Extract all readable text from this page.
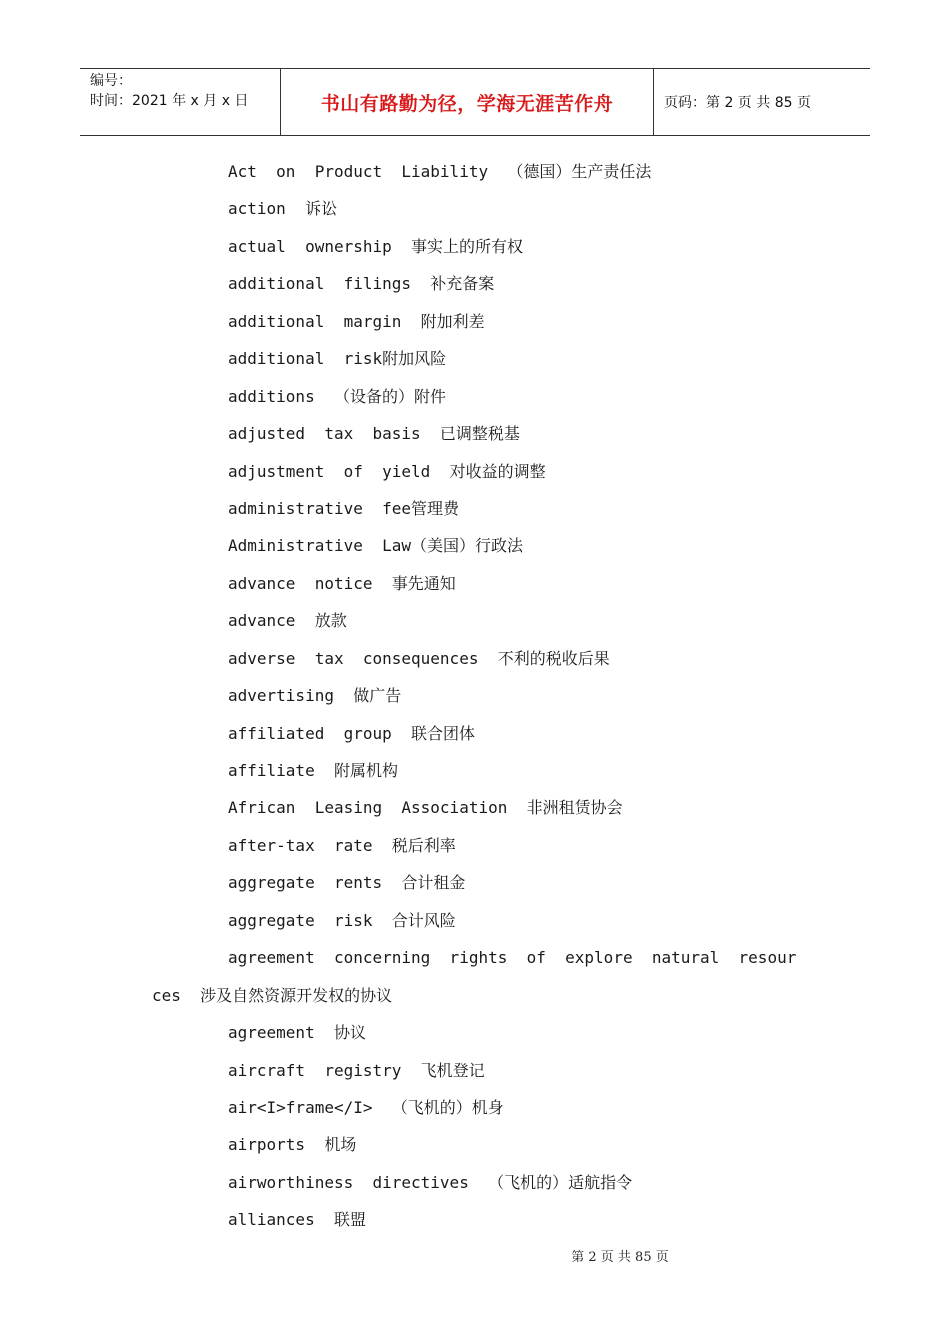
编号：
时间：2021 年 x 月 x 日	书山有路勤为径，学海无涯苦作舟	页码：第 2 页 共 85 页
Act  on  Product  Liability  （德国）生产责任法
action  诉讼
actual  ownership  事实上的所有权
additional  filings  补充备案
additional  margin  附加利差
additional  risk附加风险
additions  （设备的）附件
adjusted  tax  basis  已调整税基
adjustment  of  yield  对收益的调整
administrative  fee管理费
Administrative  Law（美国）行政法
advance  notice  事先通知
advance  放款
adverse  tax  consequences  不利的税收后果
advertising  做广告
affiliated  group  联合团体
affiliate  附属机构
African  Leasing  Association  非洲租赁协会
after-tax  rate  税后利率
aggregate  rents  合计租金
aggregate  risk  合计风险
agreement  concerning  rights  of  explore  natural  resour
ces  涉及自然资源开发权的协议
agreement  协议
aircraft  registry  飞机登记
air<I>frame</I>  （飞机的）机身
airports  机场
airworthiness  directives  （飞机的）适航指令
alliances  联盟
第 2 页 共 85 页
